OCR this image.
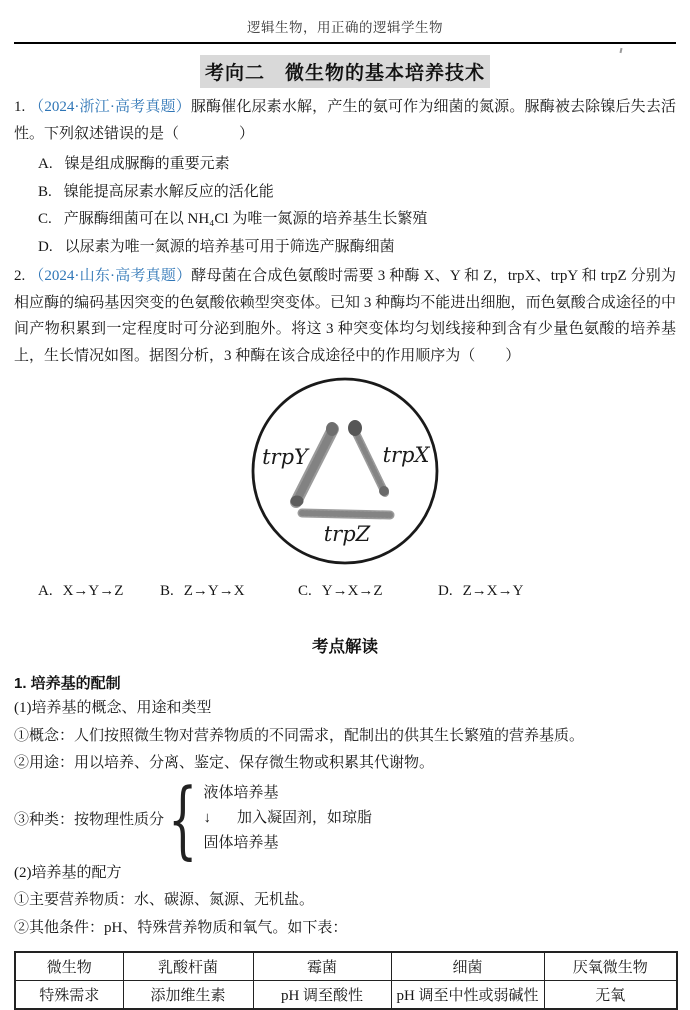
逻辑生物，用正确的逻辑学生物
考向二　微生物的基本培养技术

1. （2024·浙江·高考真题）脲酶催化尿素水解，产生的氨可作为细菌的氮源。脲酶被去除镍后失去活性。下列叙述错误的是（　　　　）

A. 镍是组成脲酶的重要元素
B. 镍能提高尿素水解反应的活化能
C. 产脲酶细菌可在以 NH₄Cl 为唯一氮源的培养基生长繁殖
D. 以尿素为唯一氮源的培养基可用于筛选产脲酶细菌

2. （2024·山东·高考真题）酵母菌在合成色氨酸时需要 3 种酶 X、Y 和 Z，trpX、trpY 和 trpZ 分别为相应酶的编码基因突变的色氨酸依赖型突变体。已知 3 种酶均不能进出细胞，而色氨酸合成途径的中间产物积累到一定程度时可分泌到胞外。将这 3 种突变体均匀划线接种到含有少量色氨酸的培养基上，生长情况如图。据图分析，3 种酶在该合成途径中的作用顺序为（　　）

trpY	trpX
trpZ
A. X→Y→Z	B. Z→Y→X	C. Y→X→Z	D. Z→X→Y
考点解读
1. 培养基的配制
(1)培养基的概念、用途和类型
①概念：人们按照微生物对营养物质的不同需求，配制出的供其生长繁殖的营养基质。
②用途：用以培养、分离、鉴定、保存微生物或积累其代谢物。
③种类：按物理性质分 { 液体培养基
↓ 加入凝固剂，如琼脂
固体培养基
(2)培养基的配方
①主要营养物质：水、碳源、氮源、无机盐。
②其他条件：pH、特殊营养物质和氧气。如下表：
微生物	乳酸杆菌	霉菌	细菌	厌氧微生物
特殊需求	添加维生素	pH 调至酸性	pH 调至中性或弱碱性	无氧
